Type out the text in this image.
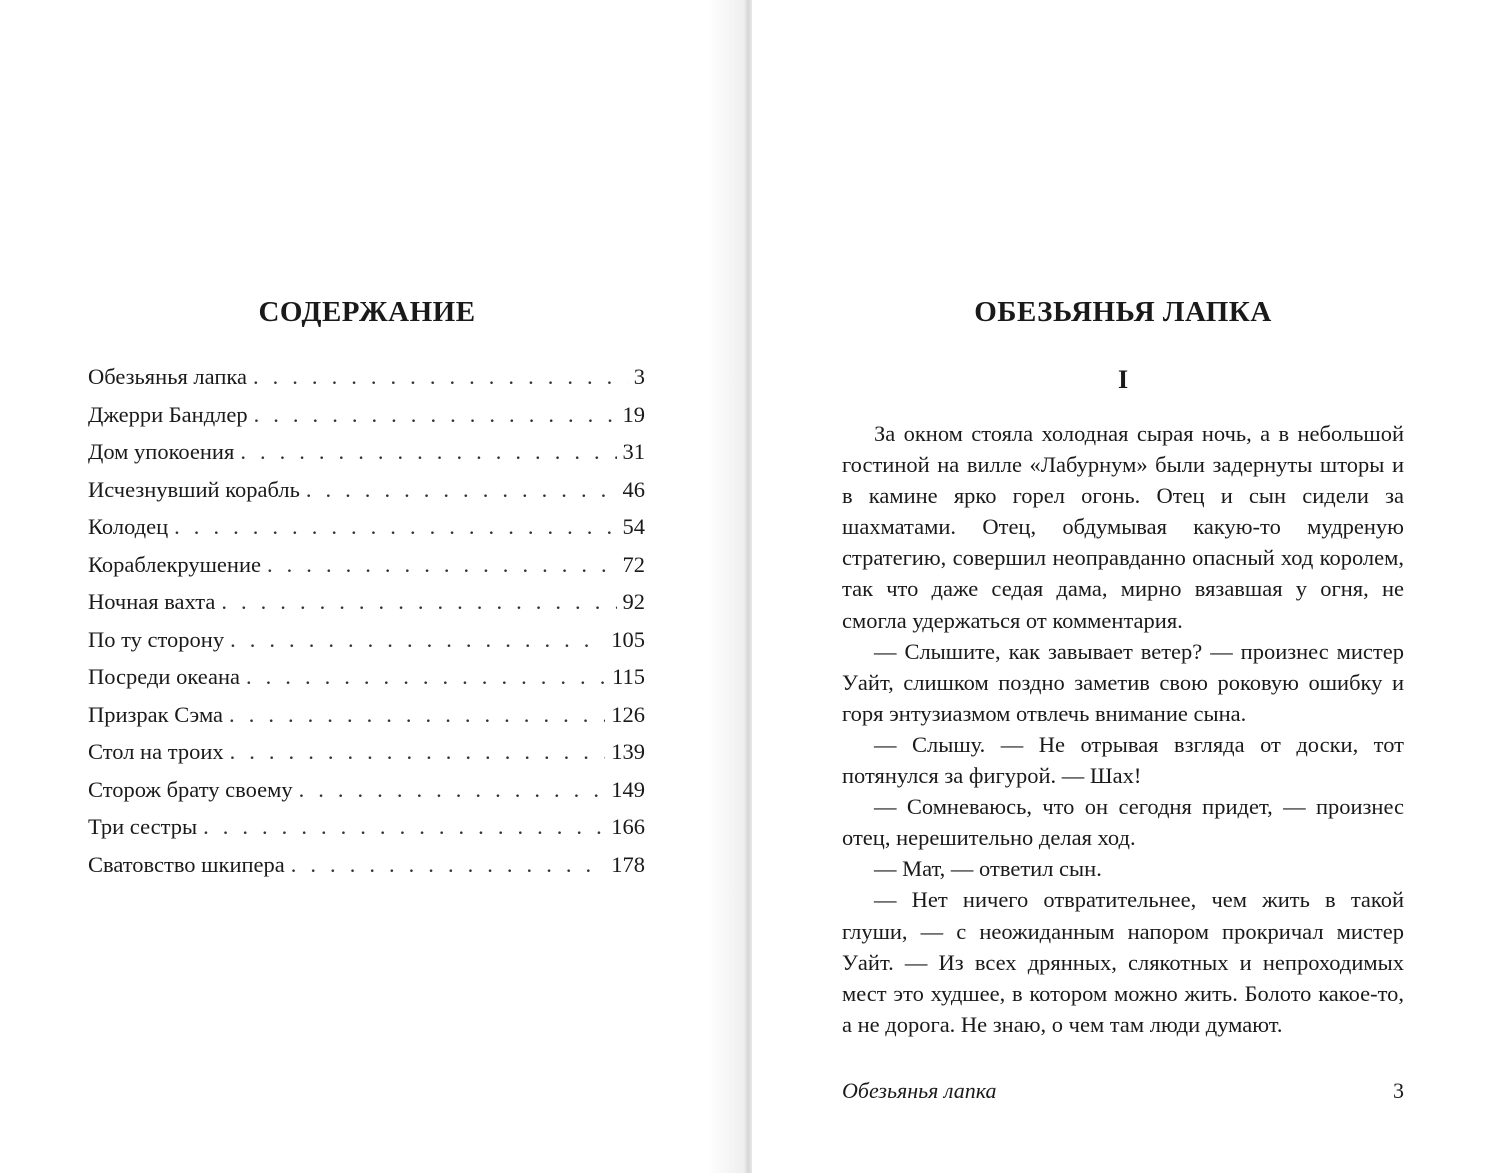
СОДЕРЖАНИЕ
Обезьянья лапка . . .	3
Джерри Бандлер . . .	19
Дом упокоения . . .	31
Исчезнувший корабль . . .	46
Колодец . . .	54
Кораблекрушение . . .	72
Ночная вахта . . .	92
По ту сторону . . .	105
Посреди океана . . .	115
Призрак Сэма . . .	126
Стол на троих . . .	139
Сторож брату своему . . .	149
Три сестры . . .	166
Сватовство шкипера . . .	178
ОБЕЗЬЯНЬЯ ЛАПКА
I

За окном стояла холодная сырая ночь, а в небольшой гостиной на вилле «Лабурнум» были задернуты шторы и в камине ярко горел огонь. Отец и сын сидели за шахматами. Отец, обдумывая какую-то мудреную стратегию, совершил неоправданно опасный ход королем, так что даже седая дама, мирно вязавшая у огня, не смогла удержаться от комментария.

— Слышите, как завывает ветер? — произнес мистер Уайт, слишком поздно заметив свою роковую ошибку и горя энтузиазмом отвлечь внимание сына.

— Слышу. — Не отрывая взгляда от доски, тот потянулся за фигурой. — Шах!

— Сомневаюсь, что он сегодня придет, — произнес отец, нерешительно делая ход.

— Мат, — ответил сын.

— Нет ничего отвратительнее, чем жить в такой глуши, — с неожиданным напором прокричал мистер Уайт. — Из всех дрянных, слякотных и непроходимых мест это худшее, в котором можно жить. Болото какое-то, а не дорога. Не знаю, о чем там люди думают.

Обезьянья лапка	3
